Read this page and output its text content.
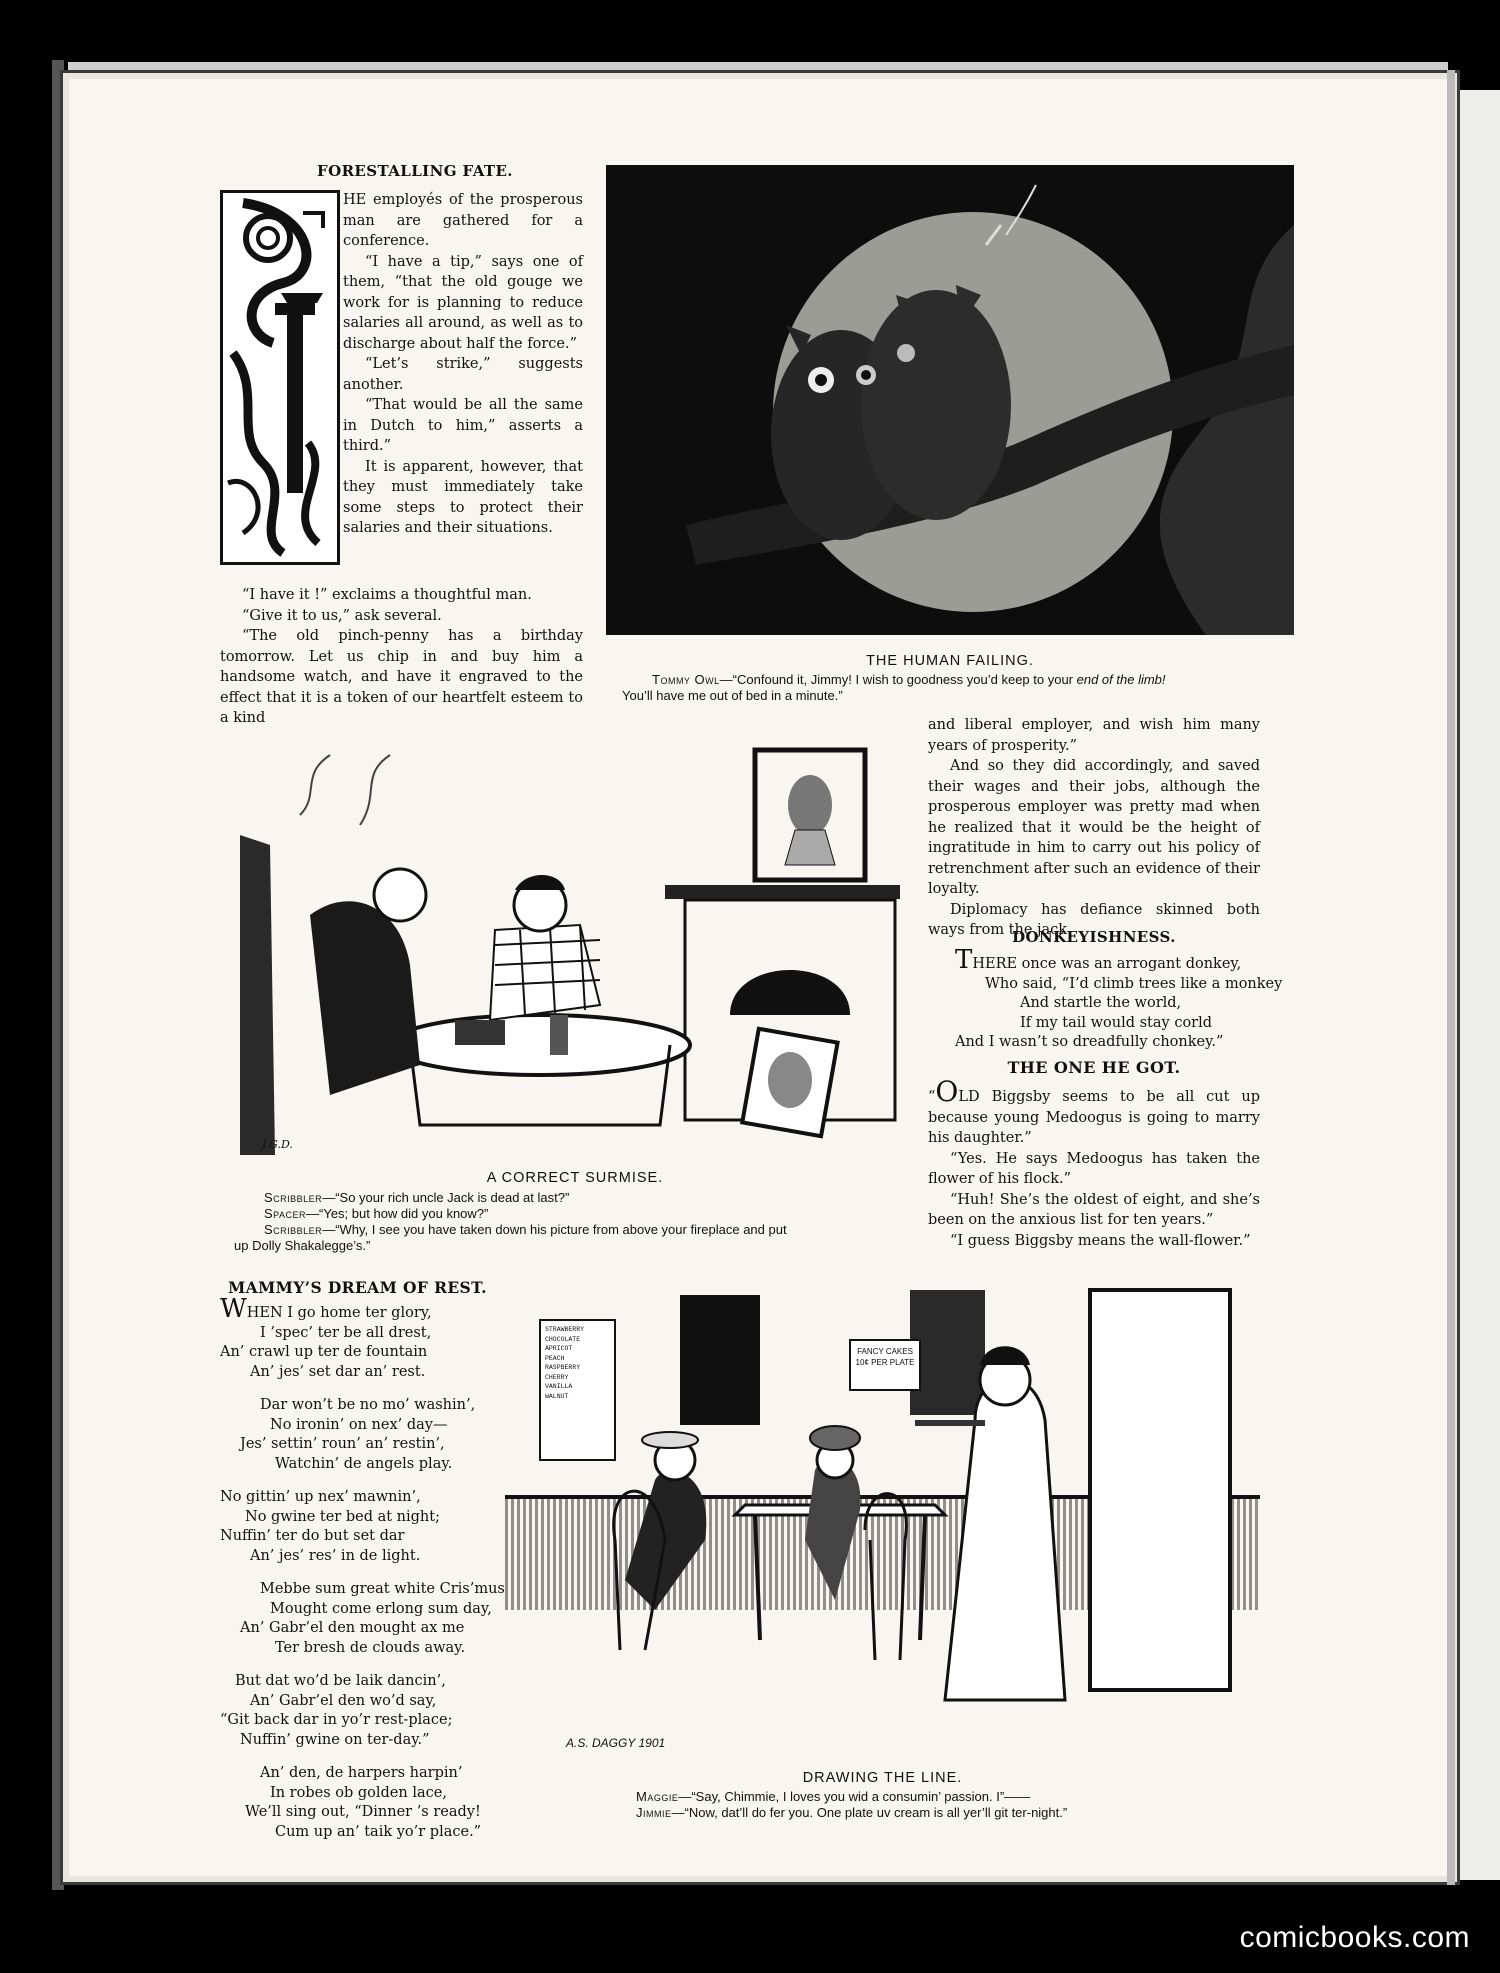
FORESTALLING FATE.

HE employés of the prosperous man are gathered for a conference.

“I have a tip,” says one of them, “that the old gouge we work for is planning to reduce salaries all around, as well as to discharge about half the force.”

“Let’s strike,” suggests another.

“That would be all the same in Dutch to him,” asserts a third.”

It is apparent, however, that they must immediately take some steps to protect their salaries and their situations.

“I have it !” exclaims a thoughtful man.

“Give it to us,” ask several.

“The old pinch-penny has a birthday tomorrow. Let us chip in and buy him a handsome watch, and have it engraved to the effect that it is a token of our heartfelt esteem to a kind

THE HUMAN FAILING.
Tommy Owl—“Confound it, Jimmy! I wish to goodness you’d keep to your end of the limb!
You’ll have me out of bed in a minute.”

and liberal employer, and wish him many years of prosperity.”

And so they did accordingly, and saved their wages and their jobs, although the prosperous employer was pretty mad when he realized that it would be the height of ingratitude in him to carry out his policy of retrenchment after such an evidence of their loyalty.

Diplomacy has defiance skinned both ways from the jack.

DONKEYISHNESS.
THERE once was an arrogant donkey,
Who said, “I’d climb trees like a monkey
And startle the world,
If my tail would stay corld
And I wasn’t so dreadfully chonkey.”
THE ONE HE GOT.

“OLD Biggsby seems to be all cut up because young Medoogus is going to marry his daughter.”

“Yes. He says Medoogus has taken the flower of his flock.”

“Huh! She’s the oldest of eight, and she’s been on the anxious list for ten years.”

“I guess Biggsby means the wall-flower.”

J.G.D.
A CORRECT SURMISE.
Scribbler—“So your rich uncle Jack is dead at last?”
Spacer—“Yes; but how did you know?”
Scribbler—“Why, I see you have taken down his picture from above your fireplace and put
up Dolly Shakalegge’s.”
MAMMY’S DREAM OF REST.
WHEN I go home ter glory,
I ’spec’ ter be all drest,
An’ crawl up ter de fountain
An’ jes’ set dar an’ rest.
Dar won’t be no mo’ washin’,
No ironin’ on nex’ day—
Jes’ settin’ roun’ an’ restin’,
Watchin’ de angels play.
No gittin’ up nex’ mawnin’,
No gwine ter bed at night;
Nuffin’ ter do but set dar
An’ jes’ res’ in de light.
Mebbe sum great white Cris’mus
Mought come erlong sum day,
An’ Gabr’el den mought ax me
Ter bresh de clouds away.
But dat wo’d be laik dancin’,
An’ Gabr’el den wo’d say,
“Git back dar in yo’r rest-place;
Nuffin’ gwine on ter-day.”
An’ den, de harpers harpin’
In robes ob golden lace,
We’ll sing out, “Dinner ’s ready!
Cum up an’ taik yo’r place.”
STRAWBERRY
CHOCOLATE
APRICOT
PEACH
RASPBERRY
CHERRY
VANILLA
WALNUT
FANCY CAKES 10¢ PER PLATE
A.S. DAGGY 1901
DRAWING THE LINE.
Maggie—“Say, Chimmie, I loves you wid a consumin’ passion. I”——
Jimmie—“Now, dat’ll do fer you. One plate uv cream is all yer’ll git ter-night.”
comicbooks.com
